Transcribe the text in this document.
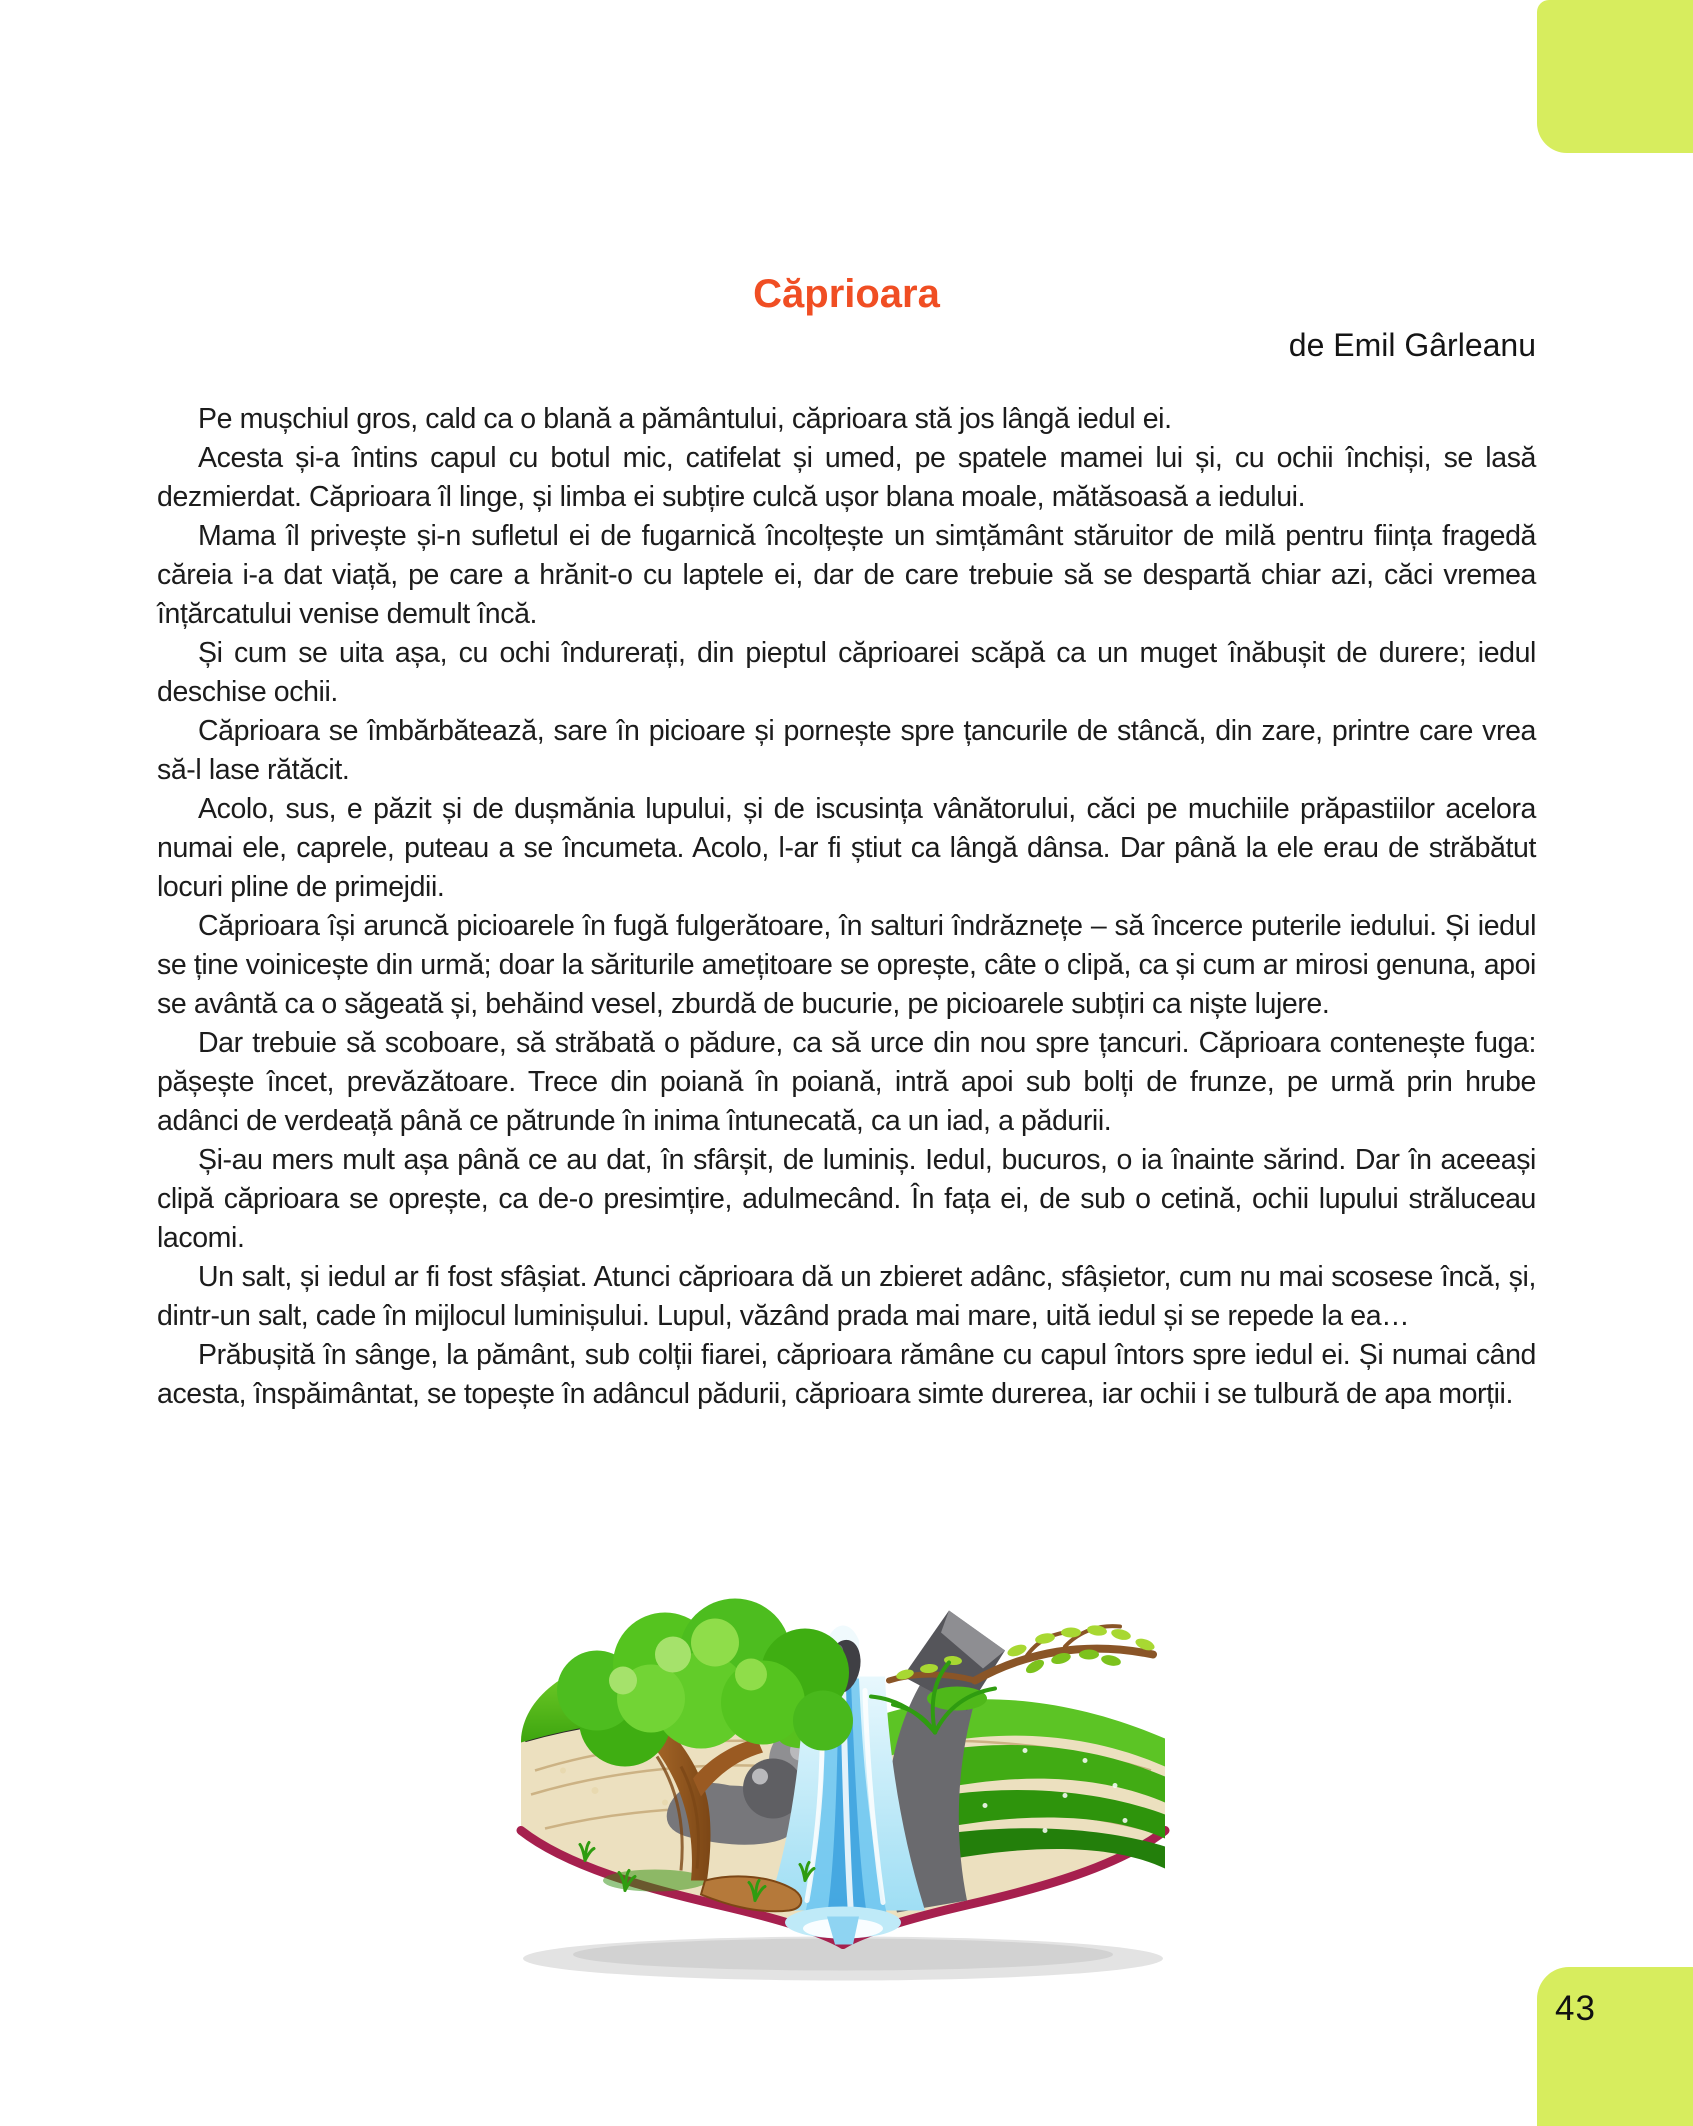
Căprioara
de Emil Gârleanu

Pe mușchiul gros, cald ca o blană a pământului, căprioara stă jos lângă iedul ei.

Acesta și-a întins capul cu botul mic, catifelat și umed, pe spatele mamei lui și, cu ochii închiși, se lasă dezmierdat. Căprioara îl linge, și limba ei subțire culcă ușor blana moale, mătăsoasă a iedului.

Mama îl privește și-n sufletul ei de fugarnică încolțește un simțământ stăruitor de milă pentru ființa fragedă căreia i-a dat viață, pe care a hrănit-o cu laptele ei, dar de care trebuie să se despartă chiar azi, căci vremea înțărcatului venise demult încă.

Și cum se uita așa, cu ochi îndurerați, din pieptul căprioarei scăpă ca un muget înăbușit de durere; iedul deschise ochii.

Căprioara se îmbărbătează, sare în picioare și pornește spre țancurile de stâncă, din zare, printre care vrea să-l lase rătăcit.

Acolo, sus, e păzit și de dușmănia lupului, și de iscusința vânătorului, căci pe muchiile prăpastiilor acelora numai ele, caprele, puteau a se încumeta. Acolo, l-ar fi știut ca lângă dânsa. Dar până la ele erau de străbătut locuri pline de primejdii.

Căprioara își aruncă picioarele în fugă fulgerătoare, în salturi îndrăznețe – să încerce puterile iedului. Și iedul se ține voinicește din urmă; doar la săriturile amețitoare se oprește, câte o clipă, ca și cum ar mirosi genuna, apoi se avântă ca o săgeată și, behăind vesel, zburdă de bucurie, pe picioarele subțiri ca niște lujere.

Dar trebuie să scoboare, să străbată o pădure, ca să urce din nou spre țancuri. Căprioara contenește fuga: pășește încet, prevăzătoare. Trece din poiană în poiană, intră apoi sub bolți de frunze, pe urmă prin hrube adânci de verdeață până ce pătrunde în inima întunecată, ca un iad, a pădurii.

Și-au mers mult așa până ce au dat, în sfârșit, de luminiș. Iedul, bucuros, o ia înainte sărind. Dar în aceeași clipă căprioara se oprește, ca de-o presimțire, adulmecând. În fața ei, de sub o cetină, ochii lupului străluceau lacomi.

Un salt, și iedul ar fi fost sfâșiat. Atunci căprioara dă un zbieret adânc, sfâșietor, cum nu mai scosese încă, și, dintr-un salt, cade în mijlocul luminișului. Lupul, văzând prada mai mare, uită iedul și se repede la ea…

Prăbușită în sânge, la pământ, sub colții fiarei, căprioara rămâne cu capul întors spre iedul ei. Și numai când acesta, înspăimântat, se topește în adâncul pădurii, căprioara simte durerea, iar ochii i se tulbură de apa morții.

43
